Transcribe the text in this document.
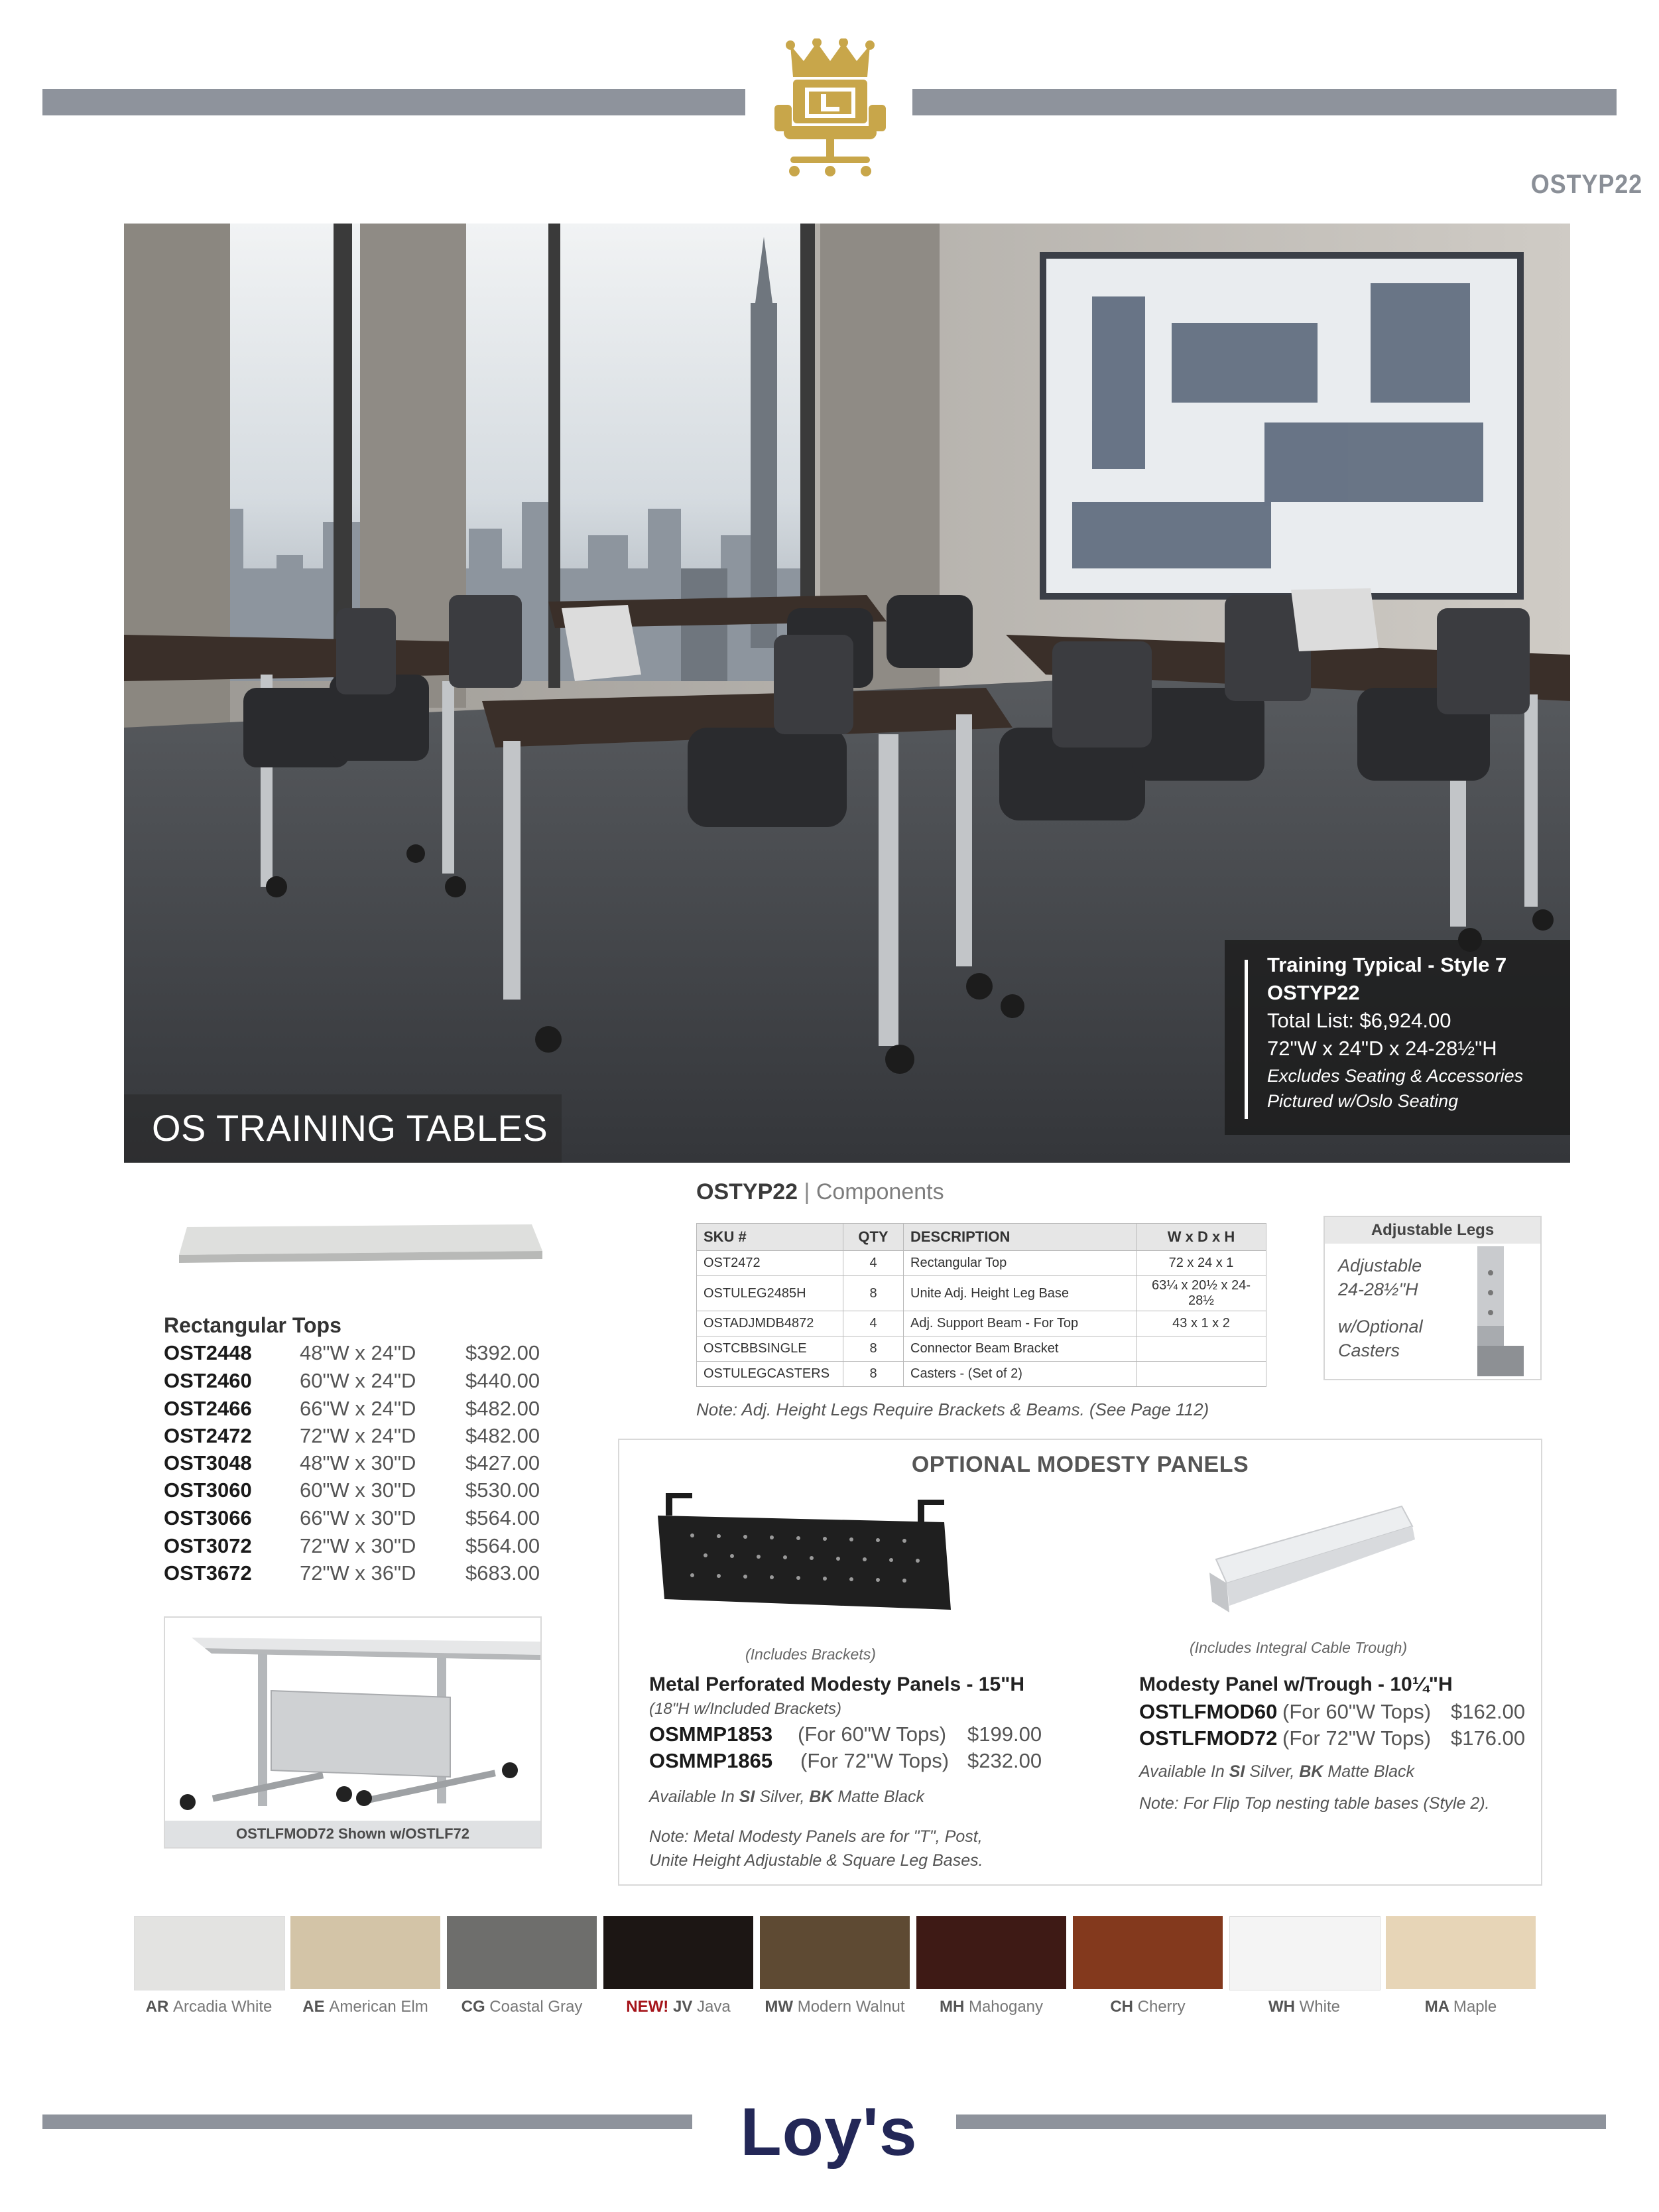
OSTYP22
OS TRAINING TABLES
Training Typical - Style 7
OSTYP22
Total List: $6,924.00
72"W x 24"D x 24-28½"H
Excludes Seating & Accessories
Pictured w/Oslo Seating
OSTYP22 | Components
SKU #	QTY	DESCRIPTION	W x D x H
OST2472	4	Rectangular Top	72 x 24 x 1
OSTULEG2485H	8	Unite Adj. Height Leg Base	63¼ x 20½ x 24-28½
OSTADJMDB4872	4	Adj. Support Beam - For Top	43 x 1 x 2
OSTCBBSINGLE	8	Connector Beam Bracket	
OSTULEGCASTERS	8	Casters - (Set of 2)	
Note: Adj. Height Legs Require Brackets & Beams. (See Page 112)
Adjustable Legs
Adjustable
24-28½"H
w/Optional
Casters
Rectangular Tops
OST2448 48"W x 24"D $392.00
OST2460 60"W x 24"D $440.00
OST2466 66"W x 24"D $482.00
OST2472 72"W x 24"D $482.00
OST3048 48"W x 30"D $427.00
OST3060 60"W x 30"D $530.00
OST3066 66"W x 30"D $564.00
OST3072 72"W x 30"D $564.00
OST3672 72"W x 36"D $683.00
OSTLFMOD72 Shown w/OSTLF72
OPTIONAL MODESTY PANELS
(Includes Brackets)
Metal Perforated Modesty Panels - 15"H
(18"H w/Included Brackets)
OSMMP1853 (For 60"W Tops) $199.00
OSMMP1865 (For 72"W Tops) $232.00
Available In SI Silver, BK Matte Black
Note: Metal Modesty Panels are for "T", Post,
Unite Height Adjustable & Square Leg Bases.
(Includes Integral Cable Trough)
Modesty Panel w/Trough - 10¼"H
OSTLFMOD60 (For 60"W Tops) $162.00
OSTLFMOD72 (For 72"W Tops) $176.00
Available In SI Silver, BK Matte Black
Note: For Flip Top nesting table bases (Style 2).
AR Arcadia White	AE American Elm	CG Coastal Gray	NEW! JV Java	MW Modern Walnut	MH Mahogany	CH Cherry	WH White	MA Maple
Loy's
